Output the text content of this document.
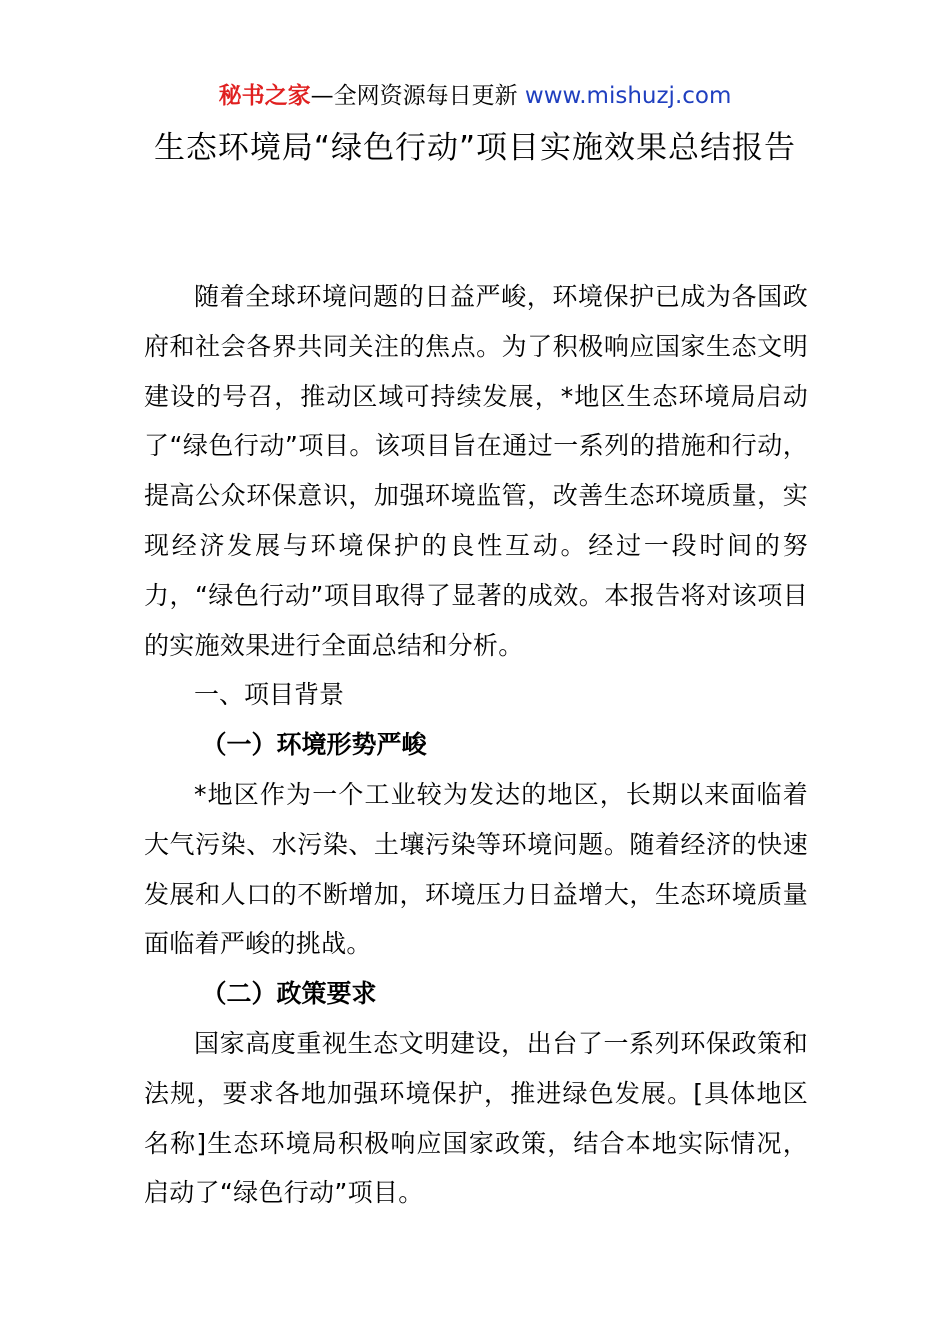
秘书之家—全网资源每日更新 www.mishuzj.com
生态环境局“绿色行动”项目实施效果总结报告

随着全球环境问题的日益严峻，环境保护已成为各国政府和社会各界共同关注的焦点。为了积极响应国家生态文明建设的号召，推动区域可持续发展，*地区生态环境局启动了“绿色行动”项目。该项目旨在通过一系列的措施和行动，提高公众环保意识，加强环境监管，改善生态环境质量，实现经济发展与环境保护的良性互动。经过一段时间的努力，“绿色行动”项目取得了显著的成效。本报告将对该项目的实施效果进行全面总结和分析。

一、项目背景

（一）环境形势严峻

*地区作为一个工业较为发达的地区，长期以来面临着大气污染、水污染、土壤污染等环境问题。随着经济的快速发展和人口的不断增加，环境压力日益增大，生态环境质量面临着严峻的挑战。

（二）政策要求

国家高度重视生态文明建设，出台了一系列环保政策和法规，要求各地加强环境保护，推进绿色发展。[具体地区名称]生态环境局积极响应国家政策，结合本地实际情况，启动了“绿色行动”项目。
